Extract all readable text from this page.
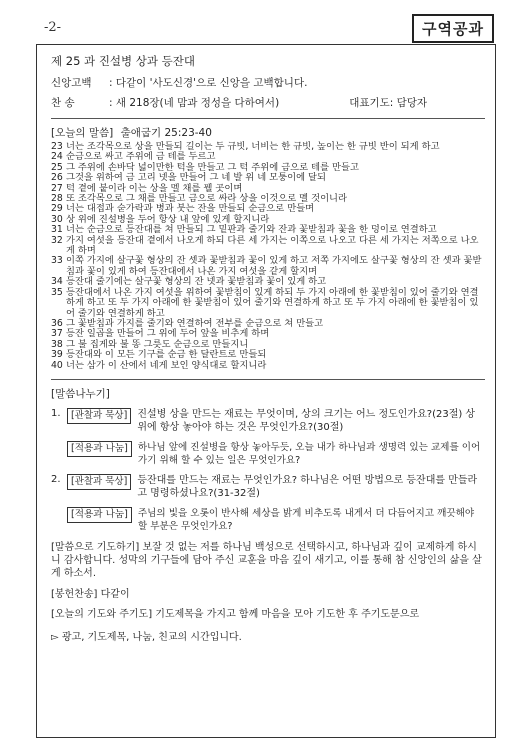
-2-	구역공과
제 25 과 진설병 상과 등잔대
신앙고백	: 다같이 '사도신경'으로 신앙을 고백합니다.
찬 송	: 새 218장(네 맘과 정성을 다하여서)	대표기도 : 담당자
[오늘의 말씀] 출애굽기 25:23-40
23 너는 조각목으로 상을 만들되 길이는 두 규빗, 너비는 한 규빗, 높이는 한 규빗 반이 되게 하고
24 순금으로 싸고 주위에 금 테를 두르고
25 그 주위에 손바닥 넓이만한 턱을 만들고 그 턱 주위에 금으로 테를 만들고
26 그것을 위하여 금 고리 넷을 만들어 그 네 발 위 네 모퉁이에 달되
27 턱 곁에 붙이라 이는 상을 멜 채를 꿸 곳이며
28 또 조각목으로 그 채를 만들고 금으로 싸라 상을 이것으로 멜 것이니라
29 너는 대접과 숟가락과 병과 붓는 잔을 만들되 순금으로 만들며
30 상 위에 진설병을 두어 항상 내 앞에 있게 할지니라
31 너는 순금으로 등잔대를 쳐 만들되 그 밑판과 줄기와 잔과 꽃받침과 꽃을 한 덩이로 연결하고
32 가지 여섯을 등잔대 곁에서 나오게 하되 다른 세 가지는 이쪽으로 나오고 다른 세 가지는 저쪽으로 나오게 하며
33 이쪽 가지에 살구꽃 형상의 잔 셋과 꽃받침과 꽃이 있게 하고 저쪽 가지에도 살구꽃 형상의 잔 셋과 꽃받침과 꽃이 있게 하여 등잔대에서 나온 가지 여섯을 같게 할지며
34 등잔대 줄기에는 살구꽃 형상의 잔 넷과 꽃받침과 꽃이 있게 하고
35 등잔대에서 나온 가지 여섯을 위하여 꽃받침이 있게 하되 두 가지 아래에 한 꽃받침이 있어 줄기와 연결하게 하고 또 두 가지 아래에 한 꽃받침이 있어 줄기와 연결하게 하고 또 두 가지 아래에 한 꽃받침이 있어 줄기와 연결하게 하고
36 그 꽃받침과 가지를 줄기와 연결하여 전부를 순금으로 쳐 만들고
37 등잔 일곱을 만들어 그 위에 두어 앞을 비추게 하며
38 그 불 집게와 불 똥 그릇도 순금으로 만들지니
39 등잔대와 이 모든 기구를 순금 한 달란트로 만들되
40 너는 삼가 이 산에서 네게 보인 양식대로 할지니라
[말씀나누기]
1.	[관찰과 묵상]	진설병 상을 만드는 재료는 무엇이며, 상의 크기는 어느 정도인가요?(23절) 상 위에 항상 놓아야 하는 것은 무엇인가요?(30절)
[적용과 나눔]	하나님 앞에 진설병을 항상 놓아두듯, 오늘 내가 하나님과 생명력 있는 교제를 이어 가기 위해 할 수 있는 일은 무엇인가요?
2.	[관찰과 묵상]	등잔대를 만드는 재료는 무엇인가요? 하나님은 어떤 방법으로 등잔대를 만들라고 명령하셨나요?(31-32절)
[적용과 나눔]	주님의 빛을 오롯이 반사해 세상을 밝게 비추도록 내게서 더 다듬어지고 깨끗해야 할 부분은 무엇인가요?
[말씀으로 기도하기] 보잘 것 없는 저를 하나님 백성으로 선택하시고, 하나님과 깊이 교제하게 하시니 감사합니다. 성막의 기구들에 담아 주신 교훈을 마음 깊이 새기고, 이를 통해 참 신앙인의 삶을 살게 하소서.
[봉헌찬송] 다같이
[오늘의 기도와 주기도] 기도제목을 가지고 함께 마음을 모아 기도한 후 주기도문으로
▻ 광고, 기도제목, 나눔, 친교의 시간입니다.
